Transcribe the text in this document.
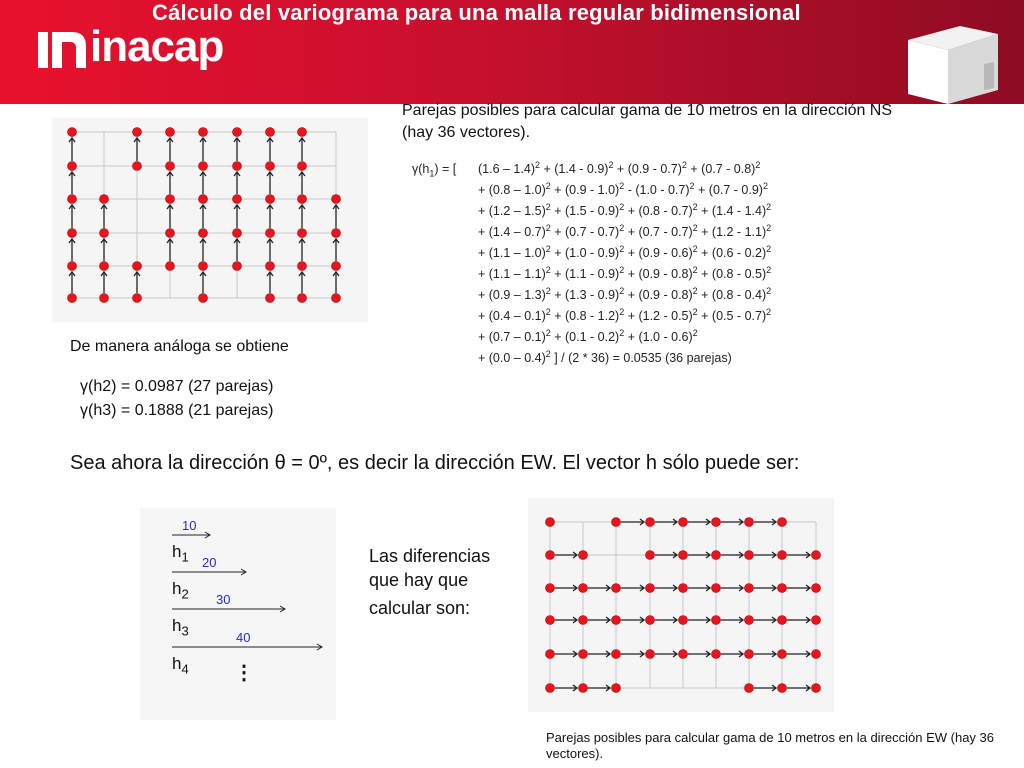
Cálculo del variograma para una malla regular bidimensional
inacap
Parejas posibles para calcular gama de 10 metros en la dirección NS (hay 36 vectores).
$\gamma(h_1)$ = [ (1.6 – 1.4)$^2$ + (1.4 - 0.9)$^2$ + (0.9 - 0.7)$^2$ + (0.7 - 0.8)$^2$
+ (0.8 – 1.0)$^2$ + (0.9 - 1.0)$^2$ - (1.0 - 0.7)$^2$ + (0.7 - 0.9)$^2$
+ (1.2 – 1.5)$^2$ + (1.5 - 0.9)$^2$ + (0.8 - 0.7)$^2$ + (1.4 - 1.4)$^2$
+ (1.4 – 0.7)$^2$ + (0.7 - 0.7)$^2$ + (0.7 - 0.7)$^2$ + (1.2 - 1.1)$^2$
+ (1.1 – 1.0)$^2$ + (1.0 - 0.9)$^2$ + (0.9 - 0.6)$^2$ + (0.6 - 0.2)$^2$
+ (1.1 – 1.1)$^2$ + (1.1 - 0.9)$^2$ + (0.9 - 0.8)$^2$ + (0.8 - 0.5)$^2$
+ (0.9 – 1.3)$^2$ + (1.3 - 0.9)$^2$ + (0.9 - 0.8)$^2$ + (0.8 - 0.4)$^2$
+ (0.4 – 0.1)$^2$ + (0.8 - 1.2)$^2$ + (1.2 - 0.5)$^2$ + (0.5 - 0.7)$^2$
+ (0.7 – 0.1)$^2$ + (0.1 - 0.2)$^2$ + (1.0 - 0.6)$^2$
+ (0.0 – 0.4)$^2$ ] / (2 * 36) = 0.0535 (36 parejas)
De manera análoga se obtiene
γ(h2) = 0.0987 (27 parejas)
γ(h3) = 0.1888 (21 parejas)
Sea ahora la dirección θ = 0º, es decir la dirección EW. El vector h sólo puede ser:
10
20
30
40
$h_1$
$h_2$
$h_3$
$h_4$ ⋮
Las diferencias
que hay que
calcular son:
Parejas posibles para calcular gama de 10 metros en la dirección EW (hay 36 vectores).
